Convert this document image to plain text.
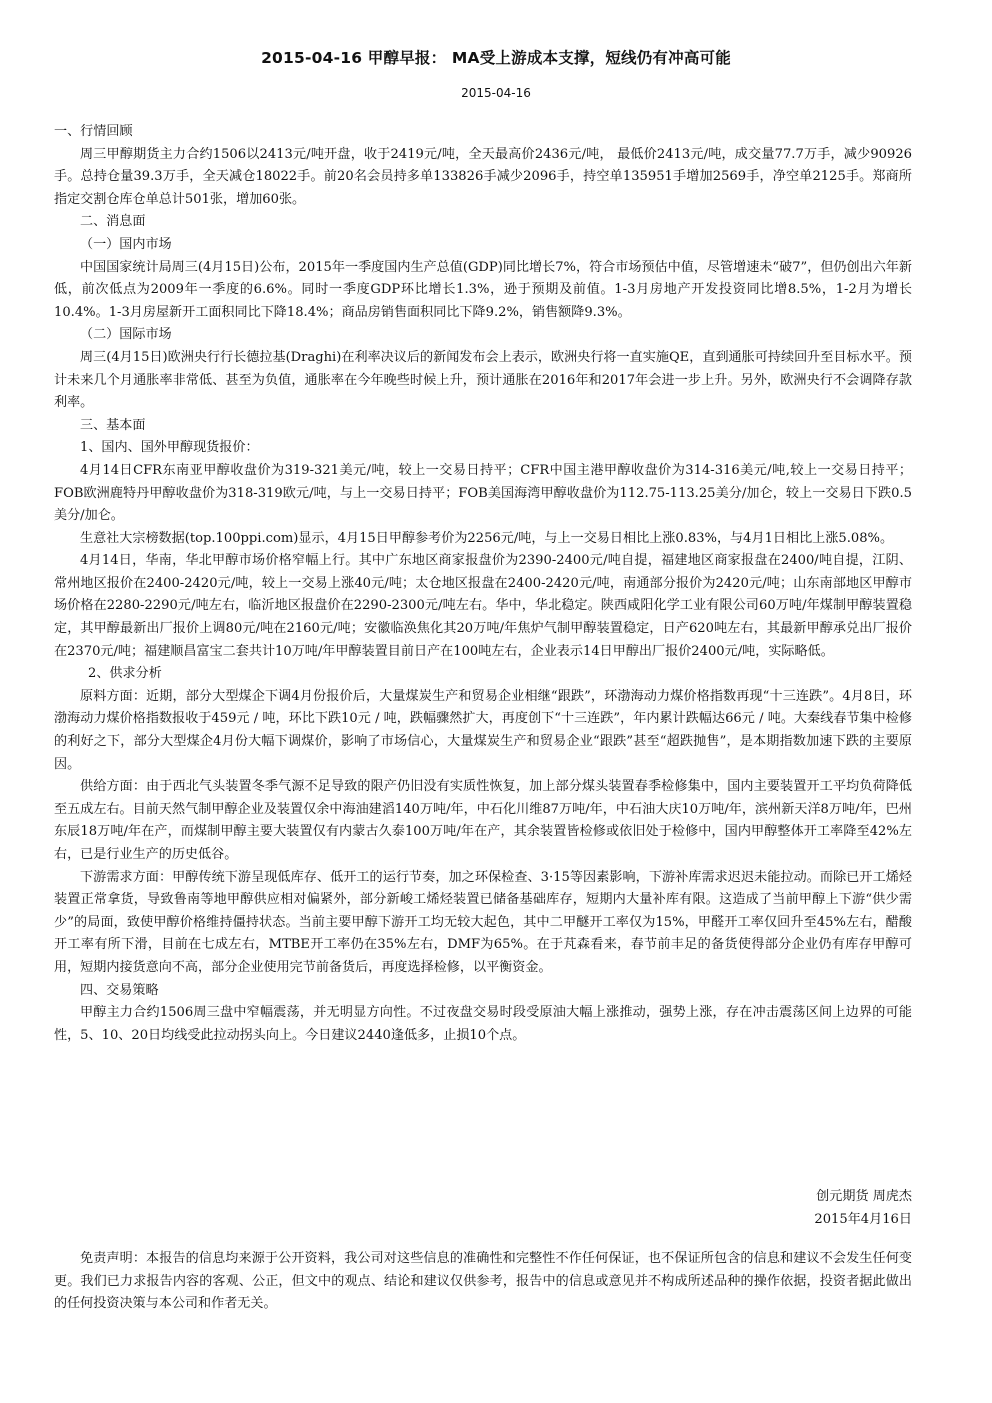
2015-04-16 甲醇早报： MA受上游成本支撑，短线仍有冲高可能
2015-04-16

一、行情回顾

周三甲醇期货主力合约1506以2413元/吨开盘，收于2419元/吨，全天最高价2436元/吨， 最低价2413元/吨，成交量77.7万手，减少90926手。总持仓量39.3万手，全天减仓18022手。前20名会员持多单133826手减少2096手，持空单135951手增加2569手，净空单2125手。郑商所指定交割仓库仓单总计501张，增加60张。

二、消息面

（一）国内市场

中国国家统计局周三(4月15日)公布，2015年一季度国内生产总值(GDP)同比增长7%，符合市场预估中值，尽管增速未“破7”，但仍创出六年新低，前次低点为2009年一季度的6.6%。同时一季度GDP环比增长1.3%，逊于预期及前值。1-3月房地产开发投资同比增8.5%，1-2月为增长10.4%。1-3月房屋新开工面积同比下降18.4%；商品房销售面积同比下降9.2%，销售额降9.3%。

（二）国际市场

周三(4月15日)欧洲央行行长德拉基(Draghi)在利率决议后的新闻发布会上表示，欧洲央行将一直实施QE，直到通胀可持续回升至目标水平。预计未来几个月通胀率非常低、甚至为负值，通胀率在今年晚些时候上升，预计通胀在2016年和2017年会进一步上升。另外，欧洲央行不会调降存款利率。

三、基本面

1、国内、国外甲醇现货报价：

4月14日CFR东南亚甲醇收盘价为319-321美元/吨，较上一交易日持平；CFR中国主港甲醇收盘价为314-316美元/吨,较上一交易日持平；FOB欧洲鹿特丹甲醇收盘价为318-319欧元/吨，与上一交易日持平；FOB美国海湾甲醇收盘价为112.75-113.25美分/加仑，较上一交易日下跌0.5美分/加仑。

生意社大宗榜数据(top.100ppi.com)显示，4月15日甲醇参考价为2256元/吨，与上一交易日相比上涨0.83%，与4月1日相比上涨5.08%。

4月14日，华南，华北甲醇市场价格窄幅上行。其中广东地区商家报盘价为2390-2400元/吨自提，福建地区商家报盘在2400/吨自提，江阴、常州地区报价在2400-2420元/吨，较上一交易上涨40元/吨；太仓地区报盘在2400-2420元/吨，南通部分报价为2420元/吨；山东南部地区甲醇市场价格在2280-2290元/吨左右，临沂地区报盘价在2290-2300元/吨左右。华中，华北稳定。陕西咸阳化学工业有限公司60万吨/年煤制甲醇装置稳定，其甲醇最新出厂报价上调80元/吨在2160元/吨；安徽临涣焦化其20万吨/年焦炉气制甲醇装置稳定，日产620吨左右，其最新甲醇承兑出厂报价在2370元/吨；福建顺昌富宝二套共计10万吨/年甲醇装置目前日产在100吨左右，企业表示14日甲醇出厂报价2400元/吨，实际略低。

2、供求分析

原料方面：近期，部分大型煤企下调4月份报价后，大量煤炭生产和贸易企业相继“跟跌”，环渤海动力煤价格指数再现“十三连跌”。4月8日，环渤海动力煤价格指数报收于459元 / 吨，环比下跌10元 / 吨，跌幅骤然扩大，再度创下“十三连跌”，年内累计跌幅达66元 / 吨。大秦线春节集中检修的利好之下，部分大型煤企4月份大幅下调煤价，影响了市场信心，大量煤炭生产和贸易企业“跟跌”甚至“超跌抛售”，是本期指数加速下跌的主要原因。

供给方面：由于西北气头装置冬季气源不足导致的限产仍旧没有实质性恢复，加上部分煤头装置春季检修集中，国内主要装置开工平均负荷降低至五成左右。目前天然气制甲醇企业及装置仅余中海油建滔140万吨/年，中石化川维87万吨/年，中石油大庆10万吨/年，滨州新天洋8万吨/年，巴州东辰18万吨/年在产，而煤制甲醇主要大装置仅有内蒙古久泰100万吨/年在产，其余装置皆检修或依旧处于检修中，国内甲醇整体开工率降至42%左右，已是行业生产的历史低谷。

下游需求方面：甲醇传统下游呈现低库存、低开工的运行节奏，加之环保检查、3·15等因素影响，下游补库需求迟迟未能拉动。而除已开工烯烃装置正常拿货，导致鲁南等地甲醇供应相对偏紧外，部分新峻工烯烃装置已储备基础库存，短期内大量补库有限。这造成了当前甲醇上下游“供少需少”的局面，致使甲醇价格维持僵持状态。当前主要甲醇下游开工均无较大起色，其中二甲醚开工率仅为15%，甲醛开工率仅回升至45%左右，醋酸开工率有所下滑，目前在七成左右，MTBE开工率仍在35%左右，DMF为65%。在于芃森看来，春节前丰足的备货使得部分企业仍有库存甲醇可用，短期内接货意向不高，部分企业使用完节前备货后，再度选择检修，以平衡资金。

四、交易策略

甲醇主力合约1506周三盘中窄幅震荡，并无明显方向性。不过夜盘交易时段受原油大幅上涨推动，强势上涨，存在冲击震荡区间上边界的可能性，5、10、20日均线受此拉动拐头向上。今日建议2440逢低多，止损10个点。

创元期货 周虎杰
2015年4月16日

免责声明：本报告的信息均来源于公开资料，我公司对这些信息的准确性和完整性不作任何保证，也不保证所包含的信息和建议不会发生任何变更。我们已力求报告内容的客观、公正，但文中的观点、结论和建议仅供参考，报告中的信息或意见并不构成所述品种的操作依据，投资者据此做出的任何投资决策与本公司和作者无关。
